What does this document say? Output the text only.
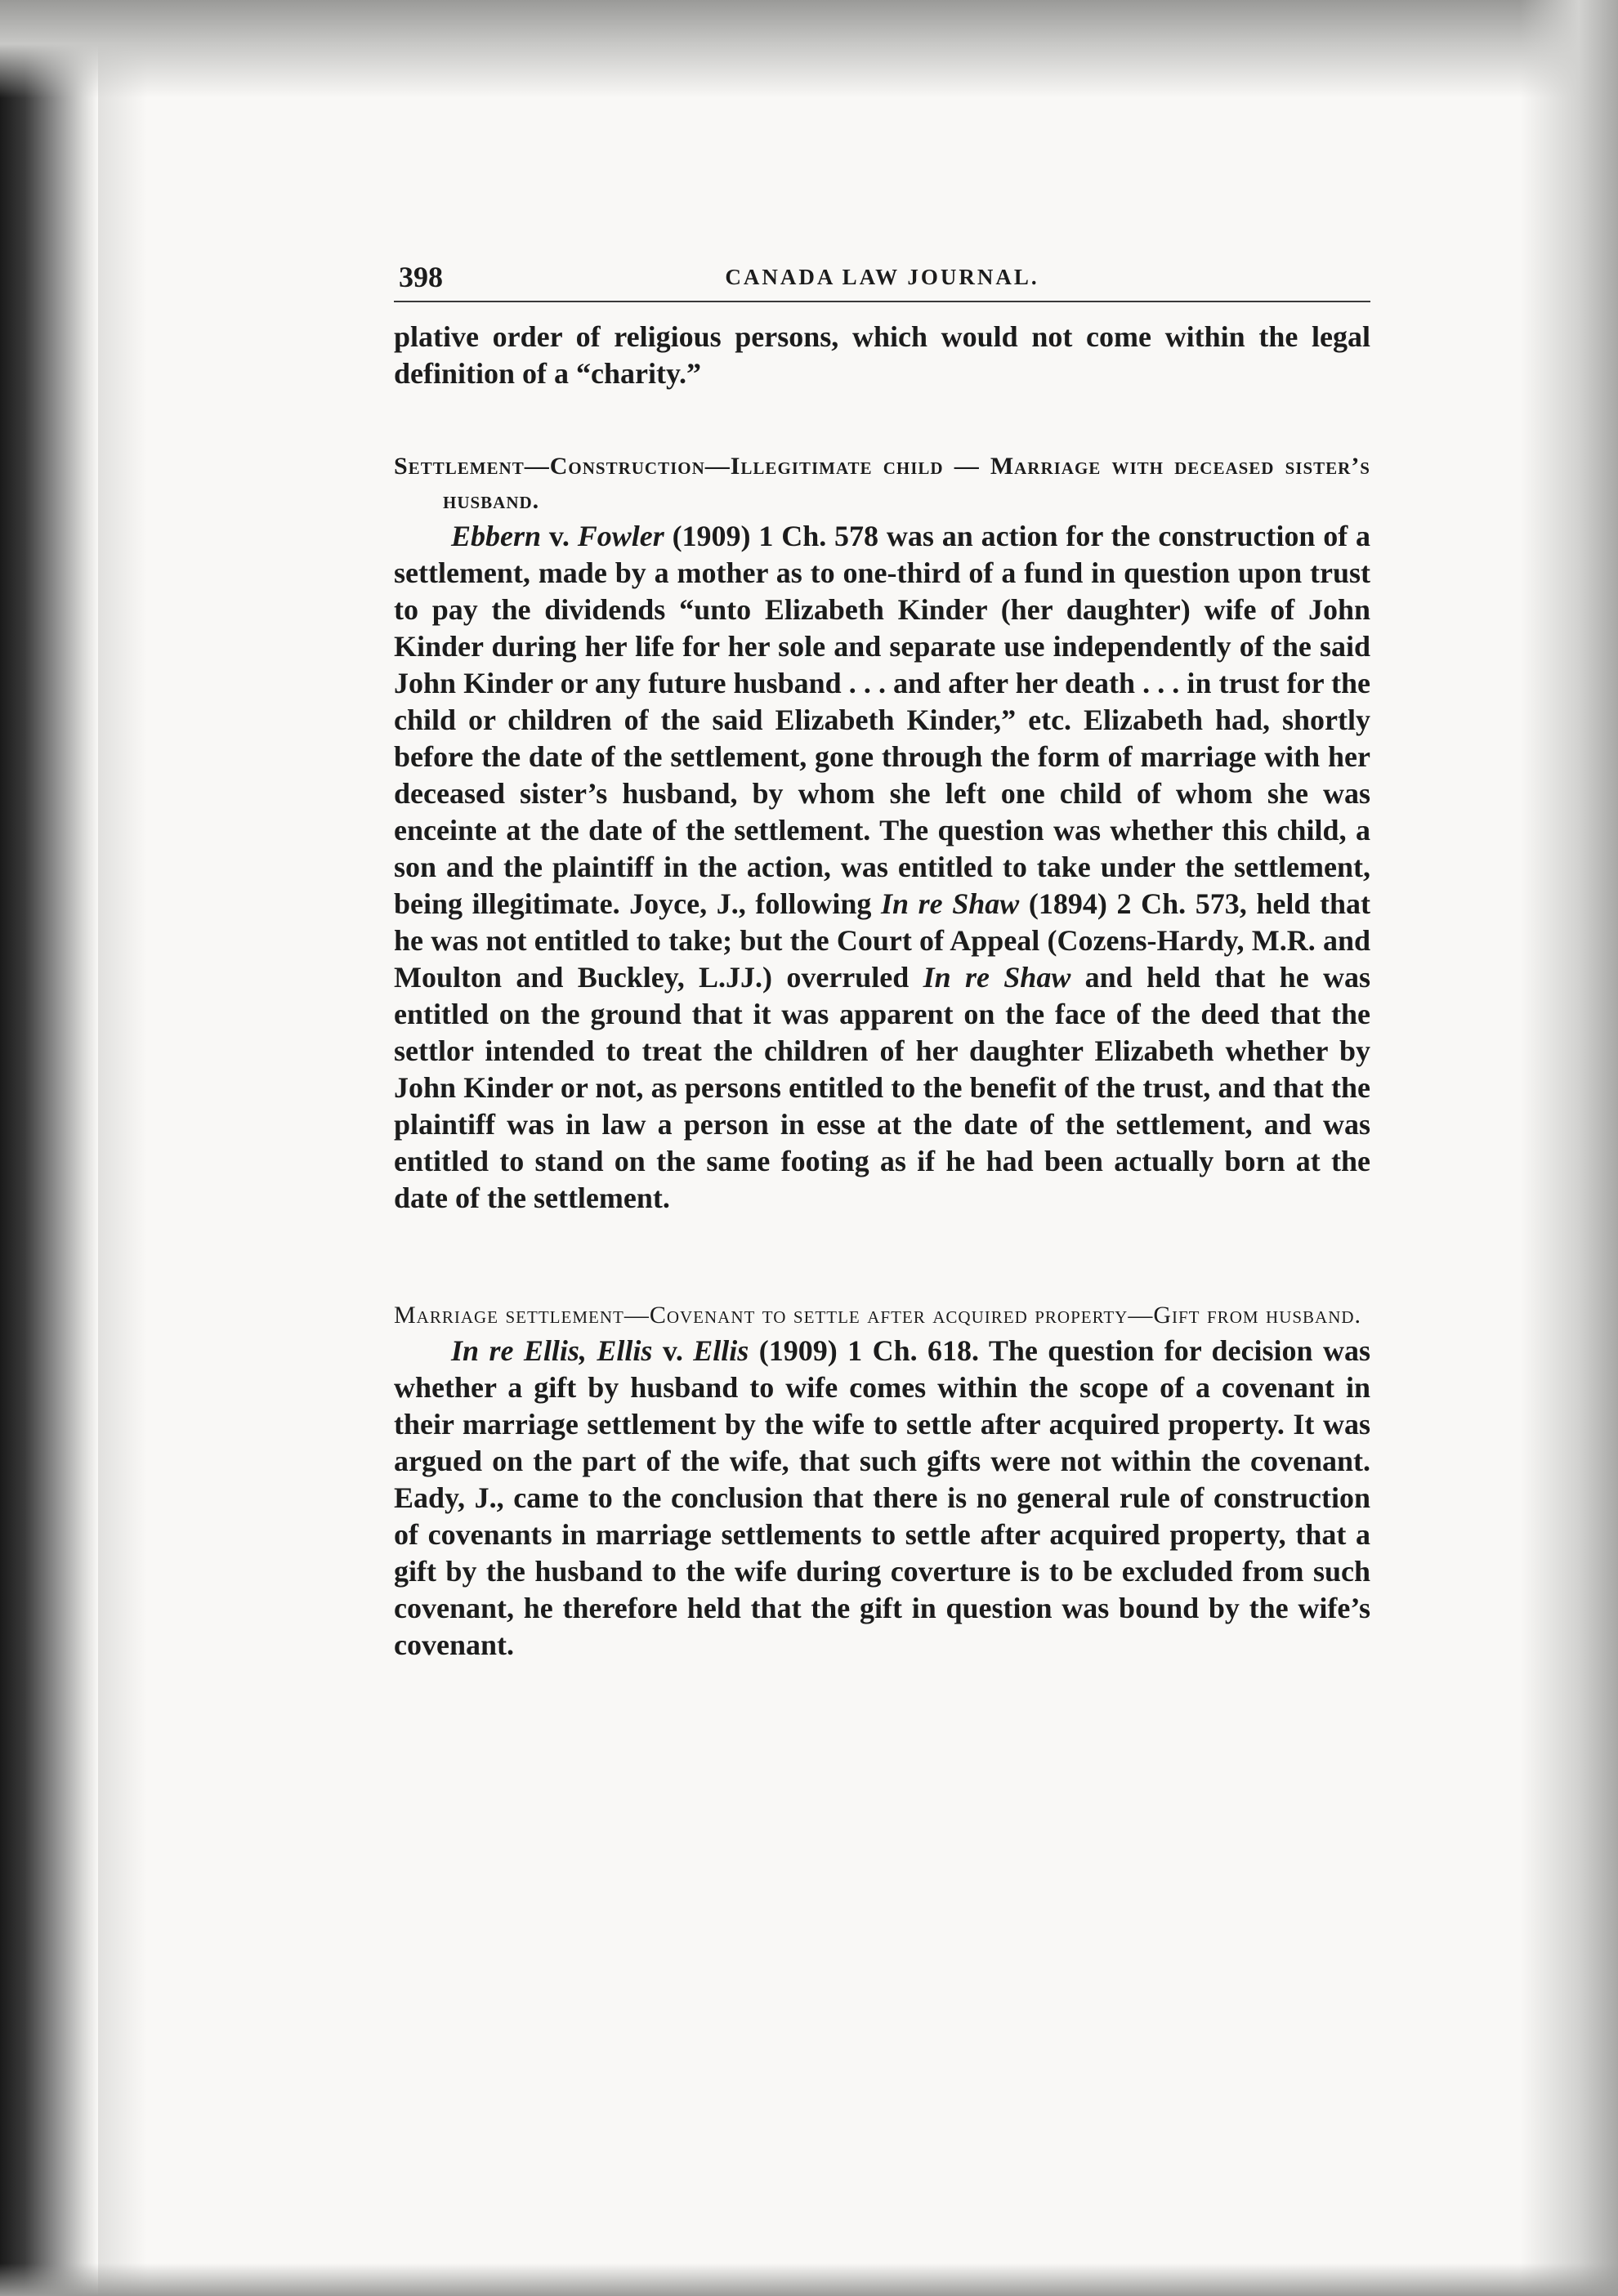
398	CANADA LAW JOURNAL.

plative order of religious persons, which would not come within the legal definition of a “charity.”

Settlement—Construction—Illegitimate child — Marriage with deceased sister’s husband.

Ebbern v. Fowler (1909) 1 Ch. 578 was an action for the construction of a settlement, made by a mother as to one-third of a fund in question upon trust to pay the dividends “unto Elizabeth Kinder (her daughter) wife of John Kinder during her life for her sole and separate use independently of the said John Kinder or any future husband . . . and after her death . . . in trust for the child or children of the said Elizabeth Kinder,” etc. Elizabeth had, shortly before the date of the settlement, gone through the form of marriage with her deceased sister’s husband, by whom she left one child of whom she was enceinte at the date of the settlement. The question was whether this child, a son and the plaintiff in the action, was entitled to take under the settlement, being illegitimate. Joyce, J., following In re Shaw (1894) 2 Ch. 573, held that he was not entitled to take; but the Court of Appeal (Cozens-Hardy, M.R. and Moulton and Buckley, L.JJ.) overruled In re Shaw and held that he was entitled on the ground that it was apparent on the face of the deed that the settlor intended to treat the children of her daughter Elizabeth whether by John Kinder or not, as persons entitled to the benefit of the trust, and that the plaintiff was in law a person in esse at the date of the settlement, and was entitled to stand on the same footing as if he had been actually born at the date of the settlement.

Marriage settlement—Covenant to settle after acquired property—Gift from husband.

In re Ellis, Ellis v. Ellis (1909) 1 Ch. 618. The question for decision was whether a gift by husband to wife comes within the scope of a covenant in their marriage settlement by the wife to settle after acquired property. It was argued on the part of the wife, that such gifts were not within the covenant. Eady, J., came to the conclusion that there is no general rule of construction of covenants in marriage settlements to settle after acquired property, that a gift by the husband to the wife during coverture is to be excluded from such covenant, he therefore held that the gift in question was bound by the wife’s covenant.
